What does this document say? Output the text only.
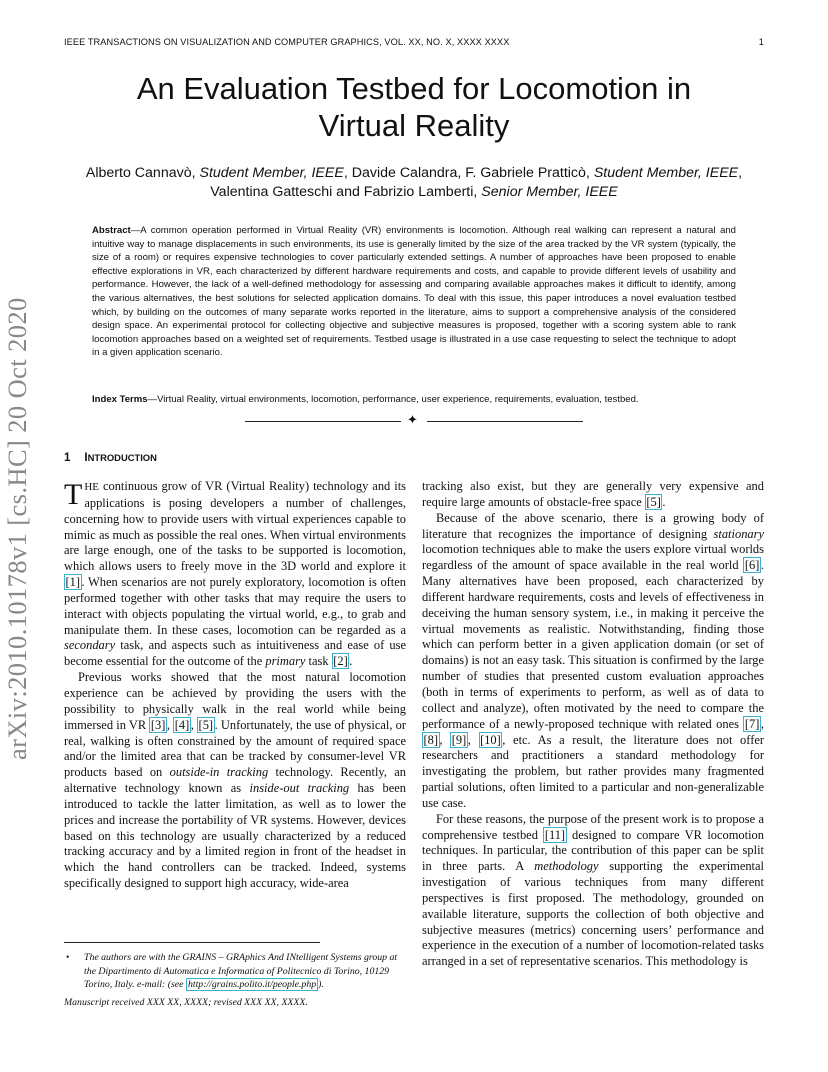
IEEE TRANSACTIONS ON VISUALIZATION AND COMPUTER GRAPHICS, VOL. XX, NO. X, XXXX XXXX	1
An Evaluation Testbed for Locomotion in
Virtual Reality
Alberto Cannavò, Student Member, IEEE, Davide Calandra, F. Gabriele Pratticò, Student Member, IEEE,
Valentina Gatteschi and Fabrizio Lamberti, Senior Member, IEEE
Abstract—A common operation performed in Virtual Reality (VR) environments is locomotion. Although real walking can represent a natural and intuitive way to manage displacements in such environments, its use is generally limited by the size of the area tracked by the VR system (typically, the size of a room) or requires expensive technologies to cover particularly extended settings. A number of approaches have been proposed to enable effective explorations in VR, each characterized by different hardware requirements and costs, and capable to provide different levels of usability and performance. However, the lack of a well-defined methodology for assessing and comparing available approaches makes it difficult to identify, among the various alternatives, the best solutions for selected application domains. To deal with this issue, this paper introduces a novel evaluation testbed which, by building on the outcomes of many separate works reported in the literature, aims to support a comprehensive analysis of the considered design space. An experimental protocol for collecting objective and subjective measures is proposed, together with a scoring system able to rank locomotion approaches based on a weighted set of requirements. Testbed usage is illustrated in a use case requesting to select the technique to adopt in a given application scenario.
Index Terms—Virtual Reality, virtual environments, locomotion, performance, user experience, requirements, evaluation, testbed.
✦
arXiv:2010.10178v1 [cs.HC] 20 Oct 2020	1 INTRODUCTION

THE continuous grow of VR (Virtual Reality) technology and its applications is posing developers a number of challenges, concerning how to provide users with virtual experiences capable to mimic as much as possible the real ones. When virtual environments are large enough, one of the tasks to be supported is locomotion, which allows users to freely move in the 3D world and explore it [1] . When scenarios are not purely exploratory, locomotion is often performed together with other tasks that may require the users to interact with objects populating the virtual world, e.g., to grab and manipulate them. In these cases, locomotion can be regarded as a secondary task, and aspects such as intuitiveness and ease of use become essential for the outcome of the primary task [2] .

Previous works showed that the most natural locomotion experience can be achieved by providing the users with the possibility to physically walk in the real world while being immersed in VR [3] , [4] , [5] . Unfortunately, the use of physical, or real, walking is often constrained by the amount of required space and/or the limited area that can be tracked by consumer-level VR products based on outside-in tracking technology. Recently, an alternative technology known as inside-out tracking has been introduced to tackle the latter limitation, as well as to lower the prices and increase the portability of VR systems. However, devices based on this technology are usually characterized by a reduced tracking accuracy and by a limited region in front of the headset in which the hand controllers can be tracked. Indeed, systems specifically designed to support high accuracy, wide-area

tracking also exist, but they are generally very expensive and require large amounts of obstacle-free space [5] .

Because of the above scenario, there is a growing body of literature that recognizes the importance of designing stationary locomotion techniques able to make the users explore virtual worlds regardless of the amount of space available in the real world [6] . Many alternatives have been proposed, each characterized by different hardware requirements, costs and levels of effectiveness in deceiving the human sensory system, i.e., in making it perceive the virtual movements as realistic. Notwithstanding, finding those which can perform better in a given application domain (or set of domains) is not an easy task. This situation is confirmed by the large number of studies that presented custom evaluation approaches (both in terms of experiments to perform, as well as of data to collect and analyze), often motivated by the need to compare the performance of a newly-proposed technique with related ones [7] , [8] , [9] , [10] , etc. As a result, the literature does not offer researchers and practitioners a standard methodology for investigating the problem, but rather provides many fragmented partial solutions, often limited to a particular and non-generalizable use case.

For these reasons, the purpose of the present work is to propose a comprehensive testbed [11] designed to compare VR locomotion techniques. In particular, the contribution of this paper can be split in three parts. A methodology supporting the experimental investigation of various techniques from many different perspectives is first proposed. The methodology, grounded on available literature, supports the collection of both objective and subjective measures (metrics) concerning users’ performance and experience in the execution of a number of locomotion-related tasks arranged in a set of representative scenarios. This methodology is

•	The authors are with the GRAINS – GRAphics And INtelligent Systems group at the Dipartimento di Automatica e Informatica of Politecnico di Torino, 10129 Torino, Italy. e-mail: (see http://grains.polito.it/people.php ).
Manuscript received XXX XX, XXXX; revised XXX XX, XXXX.
